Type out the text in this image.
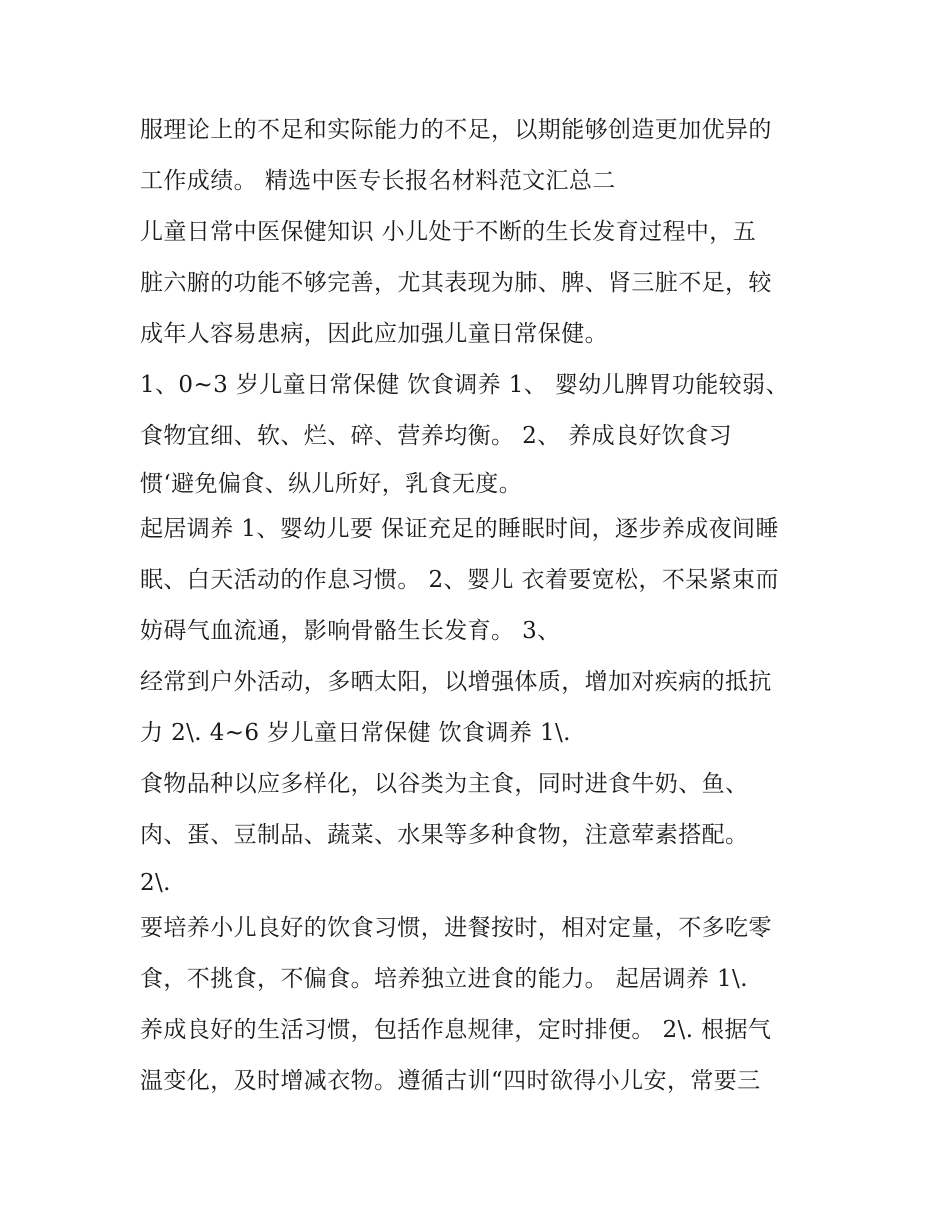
服理论上的不足和实际能力的不足，以期能够创造更加优异的
工作成绩。 精选中医专长报名材料范文汇总二
儿童日常中医保健知识 小儿处于不断的生长发育过程中，五
脏六腑的功能不够完善，尤其表现为肺、脾、肾三脏不足，较
成年人容易患病，因此应加强儿童日常保健。
1、0~3 岁儿童日常保健 饮食调养 1、 婴幼儿脾胃功能较弱、
食物宜细、软、烂、碎、营养均衡。 2、 养成良好饮食习
惯‘避免偏食、纵儿所好，乳食无度。
起居调养 1、婴幼儿要 保证充足的睡眠时间，逐步养成夜间睡
眠、白天活动的作息习惯。 2、婴儿 衣着要宽松，不呆紧束而
妨碍气血流通，影响骨骼生长发育。 3、
经常到户外活动，多晒太阳，以增强体质，增加对疾病的抵抗
力 2\. 4~6 岁儿童日常保健 饮食调养 1\.
食物品种以应多样化，以谷类为主食，同时进食牛奶、鱼、
肉、蛋、豆制品、蔬菜、水果等多种食物，注意荤素搭配。
2\.
要培养小儿良好的饮食习惯，进餐按时，相对定量，不多吃零
食，不挑食，不偏食。培养独立进食的能力。 起居调养 1\.
养成良好的生活习惯，包括作息规律，定时排便。 2\. 根据气
温变化，及时增减衣物。遵循古训“四时欲得小儿安，常要三
